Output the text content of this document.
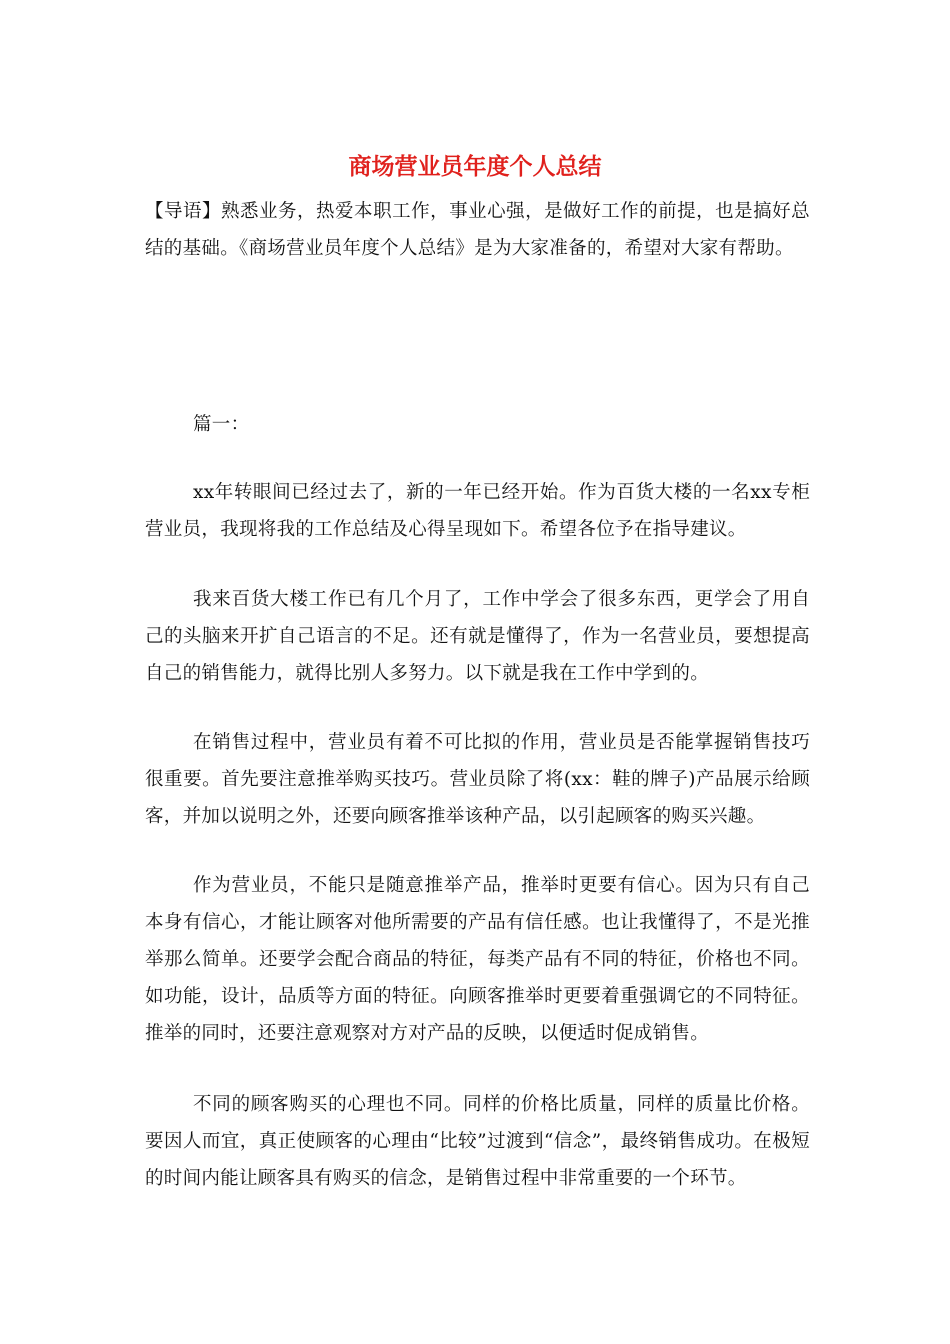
商场营业员年度个人总结

【导语】熟悉业务，热爱本职工作，事业心强，是做好工作的前提，也是搞好总结的基础。《商场营业员年度个人总结》是为大家准备的，希望对大家有帮助。

篇一：

xx年转眼间已经过去了，新的一年已经开始。作为百货大楼的一名xx专柜营业员，我现将我的工作总结及心得呈现如下。希望各位予在指导建议。

我来百货大楼工作已有几个月了，工作中学会了很多东西，更学会了用自己的头脑来开扩自己语言的不足。还有就是懂得了，作为一名营业员，要想提高自己的销售能力，就得比别人多努力。以下就是我在工作中学到的。

在销售过程中，营业员有着不可比拟的作用，营业员是否能掌握销售技巧很重要。首先要注意推举购买技巧。营业员除了将(xx：鞋的牌子)产品展示给顾客，并加以说明之外，还要向顾客推举该种产品，以引起顾客的购买兴趣。

作为营业员，不能只是随意推举产品，推举时更要有信心。因为只有自己本身有信心，才能让顾客对他所需要的产品有信任感。也让我懂得了，不是光推举那么简单。还要学会配合商品的特征，每类产品有不同的特征，价格也不同。如功能，设计，品质等方面的特征。向顾客推举时更要着重强调它的不同特征。推举的同时，还要注意观察对方对产品的反映，以便适时促成销售。

不同的顾客购买的心理也不同。同样的价格比质量，同样的质量比价格。要因人而宜，真正使顾客的心理由“比较”过渡到“信念”，最终销售成功。在极短的时间内能让顾客具有购买的信念，是销售过程中非常重要的一个环节。
